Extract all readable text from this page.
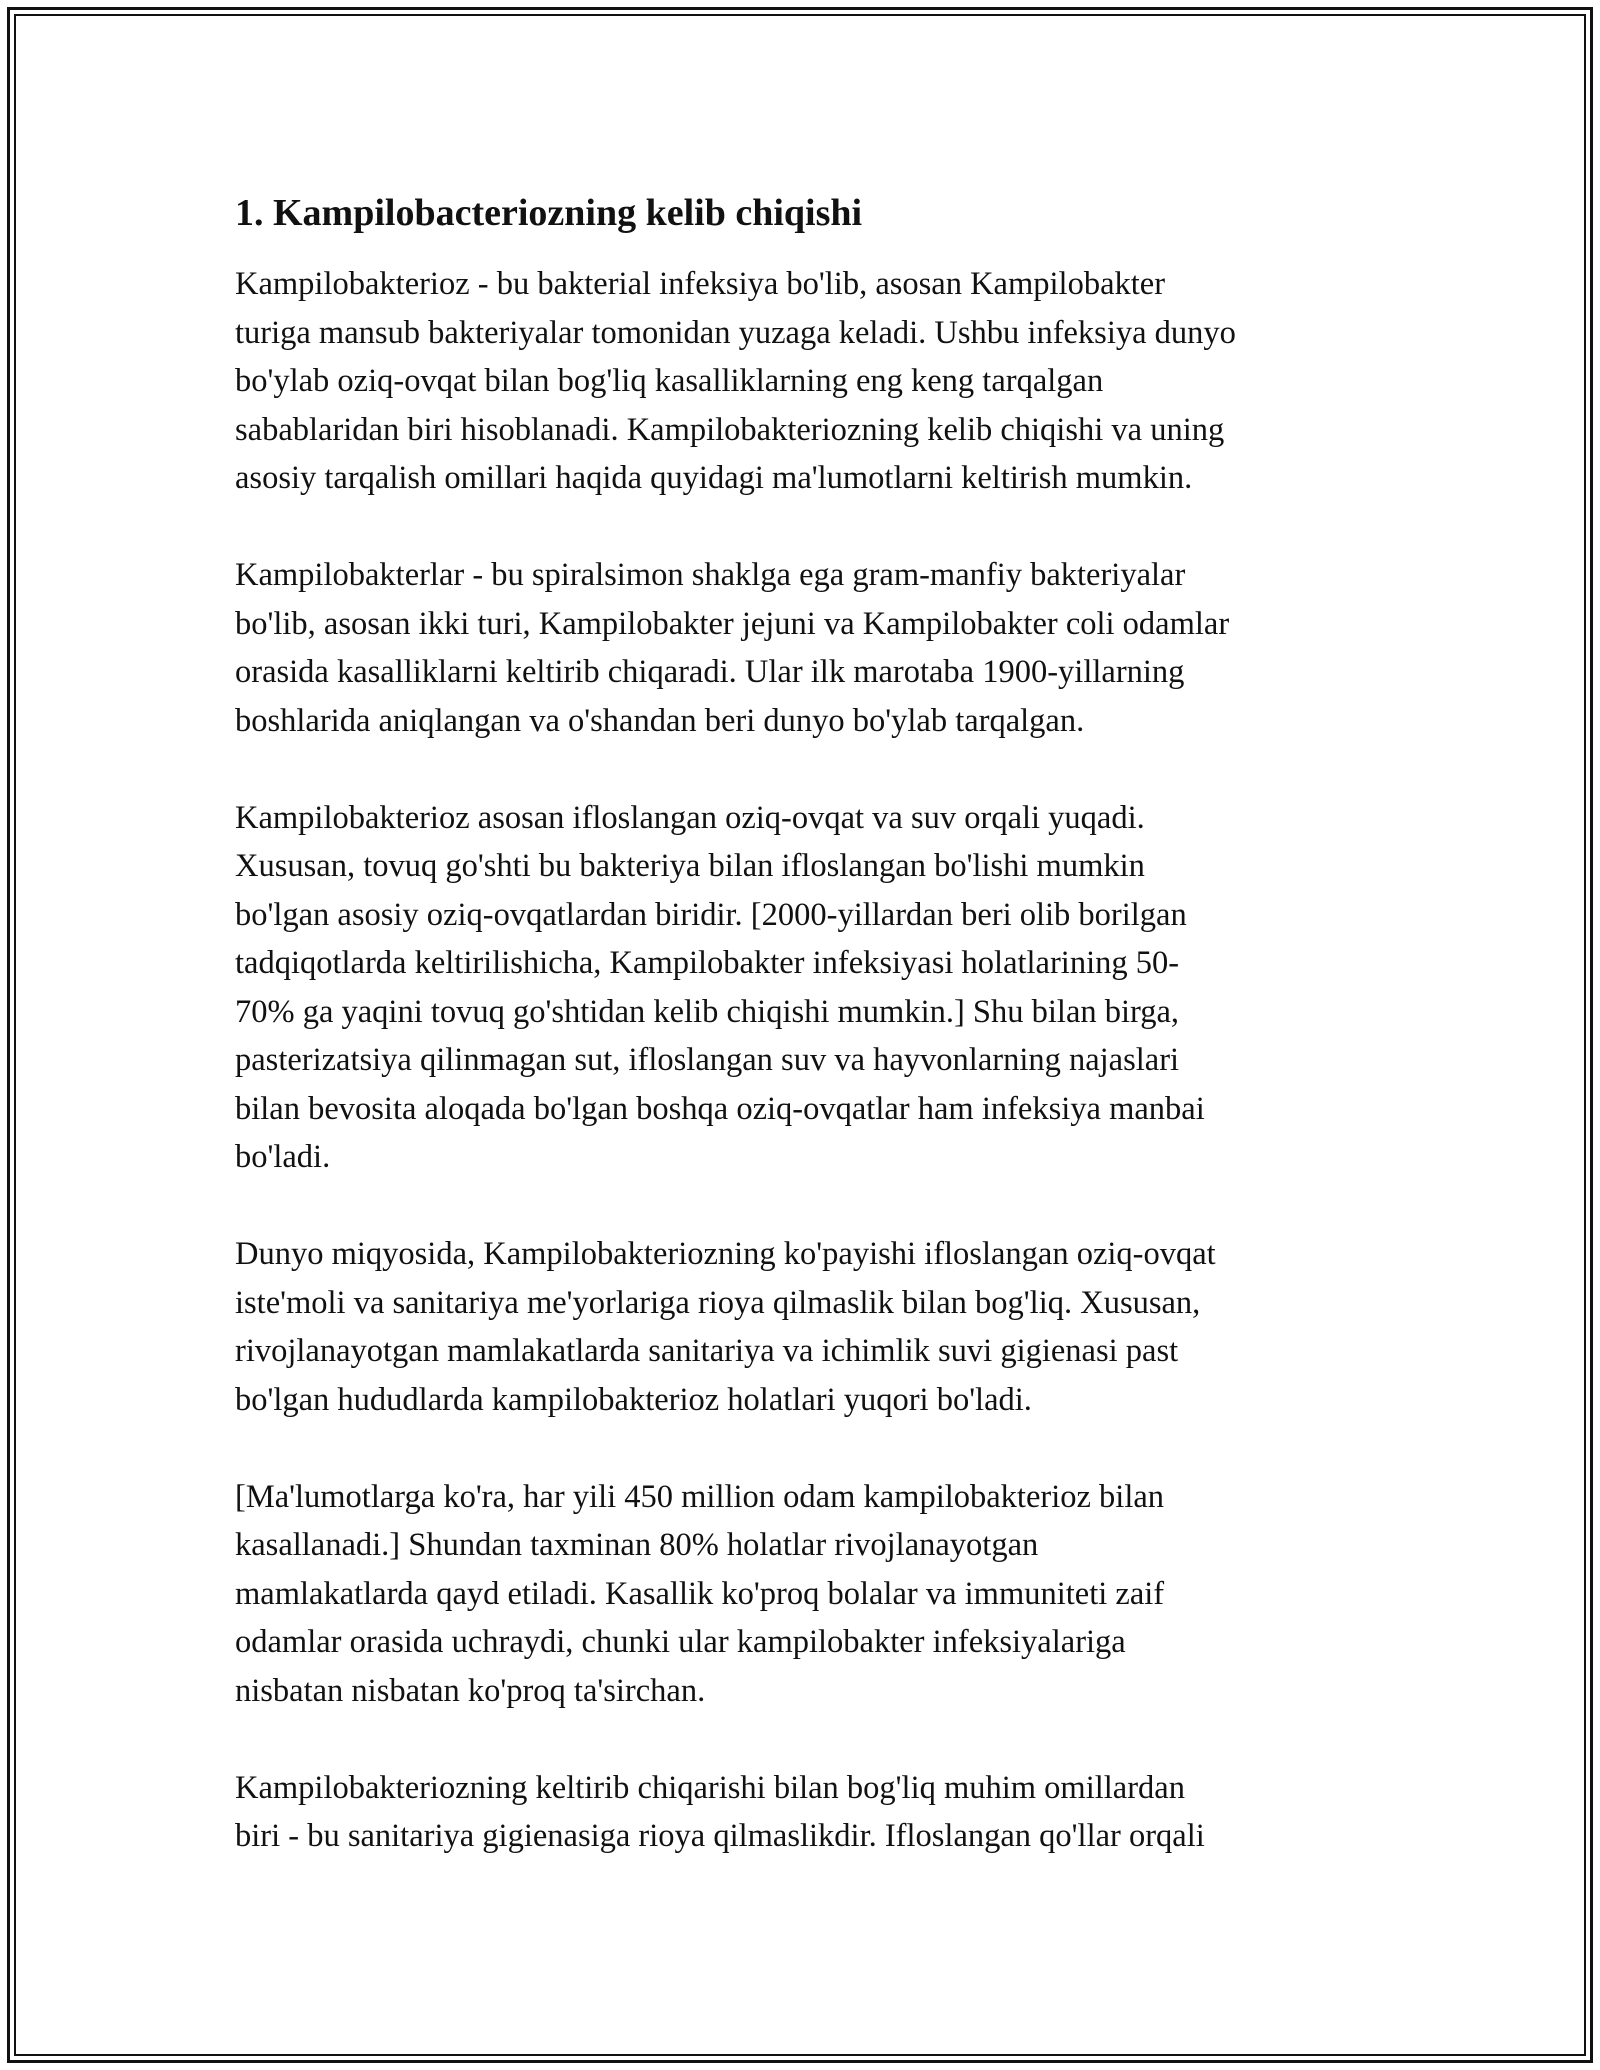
1. Kampilobacteriozning kelib chiqishi
Kampilobakterioz - bu bakterial infeksiya bo'lib, asosan Kampilobakter
turiga mansub bakteriyalar tomonidan yuzaga keladi. Ushbu infeksiya dunyo
bo'ylab oziq-ovqat bilan bog'liq kasalliklarning eng keng tarqalgan
sabablaridan biri hisoblanadi. Kampilobakteriozning kelib chiqishi va uning
asosiy tarqalish omillari haqida quyidagi ma'lumotlarni keltirish mumkin.
Kampilobakterlar - bu spiralsimon shaklga ega gram-manfiy bakteriyalar
bo'lib, asosan ikki turi, Kampilobakter jejuni va Kampilobakter coli odamlar
orasida kasalliklarni keltirib chiqaradi. Ular ilk marotaba 1900-yillarning
boshlarida aniqlangan va o'shandan beri dunyo bo'ylab tarqalgan.
Kampilobakterioz asosan ifloslangan oziq-ovqat va suv orqali yuqadi.
Xususan, tovuq go'shti bu bakteriya bilan ifloslangan bo'lishi mumkin
bo'lgan asosiy oziq-ovqatlardan biridir. [2000-yillardan beri olib borilgan
tadqiqotlarda keltirilishicha, Kampilobakter infeksiyasi holatlarining 50-
70% ga yaqini tovuq go'shtidan kelib chiqishi mumkin.] Shu bilan birga,
pasterizatsiya qilinmagan sut, ifloslangan suv va hayvonlarning najaslari
bilan bevosita aloqada bo'lgan boshqa oziq-ovqatlar ham infeksiya manbai
bo'ladi.
Dunyo miqyosida, Kampilobakteriozning ko'payishi ifloslangan oziq-ovqat
iste'moli va sanitariya me'yorlariga rioya qilmaslik bilan bog'liq. Xususan,
rivojlanayotgan mamlakatlarda sanitariya va ichimlik suvi gigienasi past
bo'lgan hududlarda kampilobakterioz holatlari yuqori bo'ladi.
[Ma'lumotlarga ko'ra, har yili 450 million odam kampilobakterioz bilan
kasallanadi.] Shundan taxminan 80% holatlar rivojlanayotgan
mamlakatlarda qayd etiladi. Kasallik ko'proq bolalar va immuniteti zaif
odamlar orasida uchraydi, chunki ular kampilobakter infeksiyalariga
nisbatan nisbatan ko'proq ta'sirchan.
Kampilobakteriozning keltirib chiqarishi bilan bog'liq muhim omillardan
biri - bu sanitariya gigienasiga rioya qilmaslikdir. Ifloslangan qo'llar orqali
